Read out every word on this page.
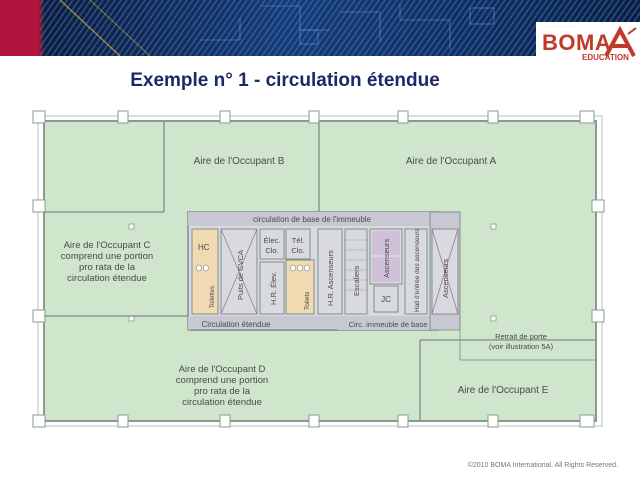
· · · · · · · · · · · ·
BOMA
EDUCATION
Exemple n° 1 - circulation étendue
Aire de l'Occupant B	Aire de l'Occupant A
Aire de l'Occupant C
comprend une portion
pro rata de la
circulation étendue
Aire de l'Occupant D
comprend une portion
pro rata de la
circulation étendue
Aire de l'Occupant E
circulation de base de l'immeuble
HC
Toilettes	Puits de CVCA
Élec.
Clo.
Tél.
Clo.
H.R. Élev.	Toilets H.R. Ascenseurs Escaliers
Ascenseurs
JC	Hall d'entrée des ascenseurs	Ascenseurs
Circulation étendue	Circ. immeuble de base
Retrait de porte
(voir illustration 5A)
©2010 BOMA International. All Rights Reserved.
